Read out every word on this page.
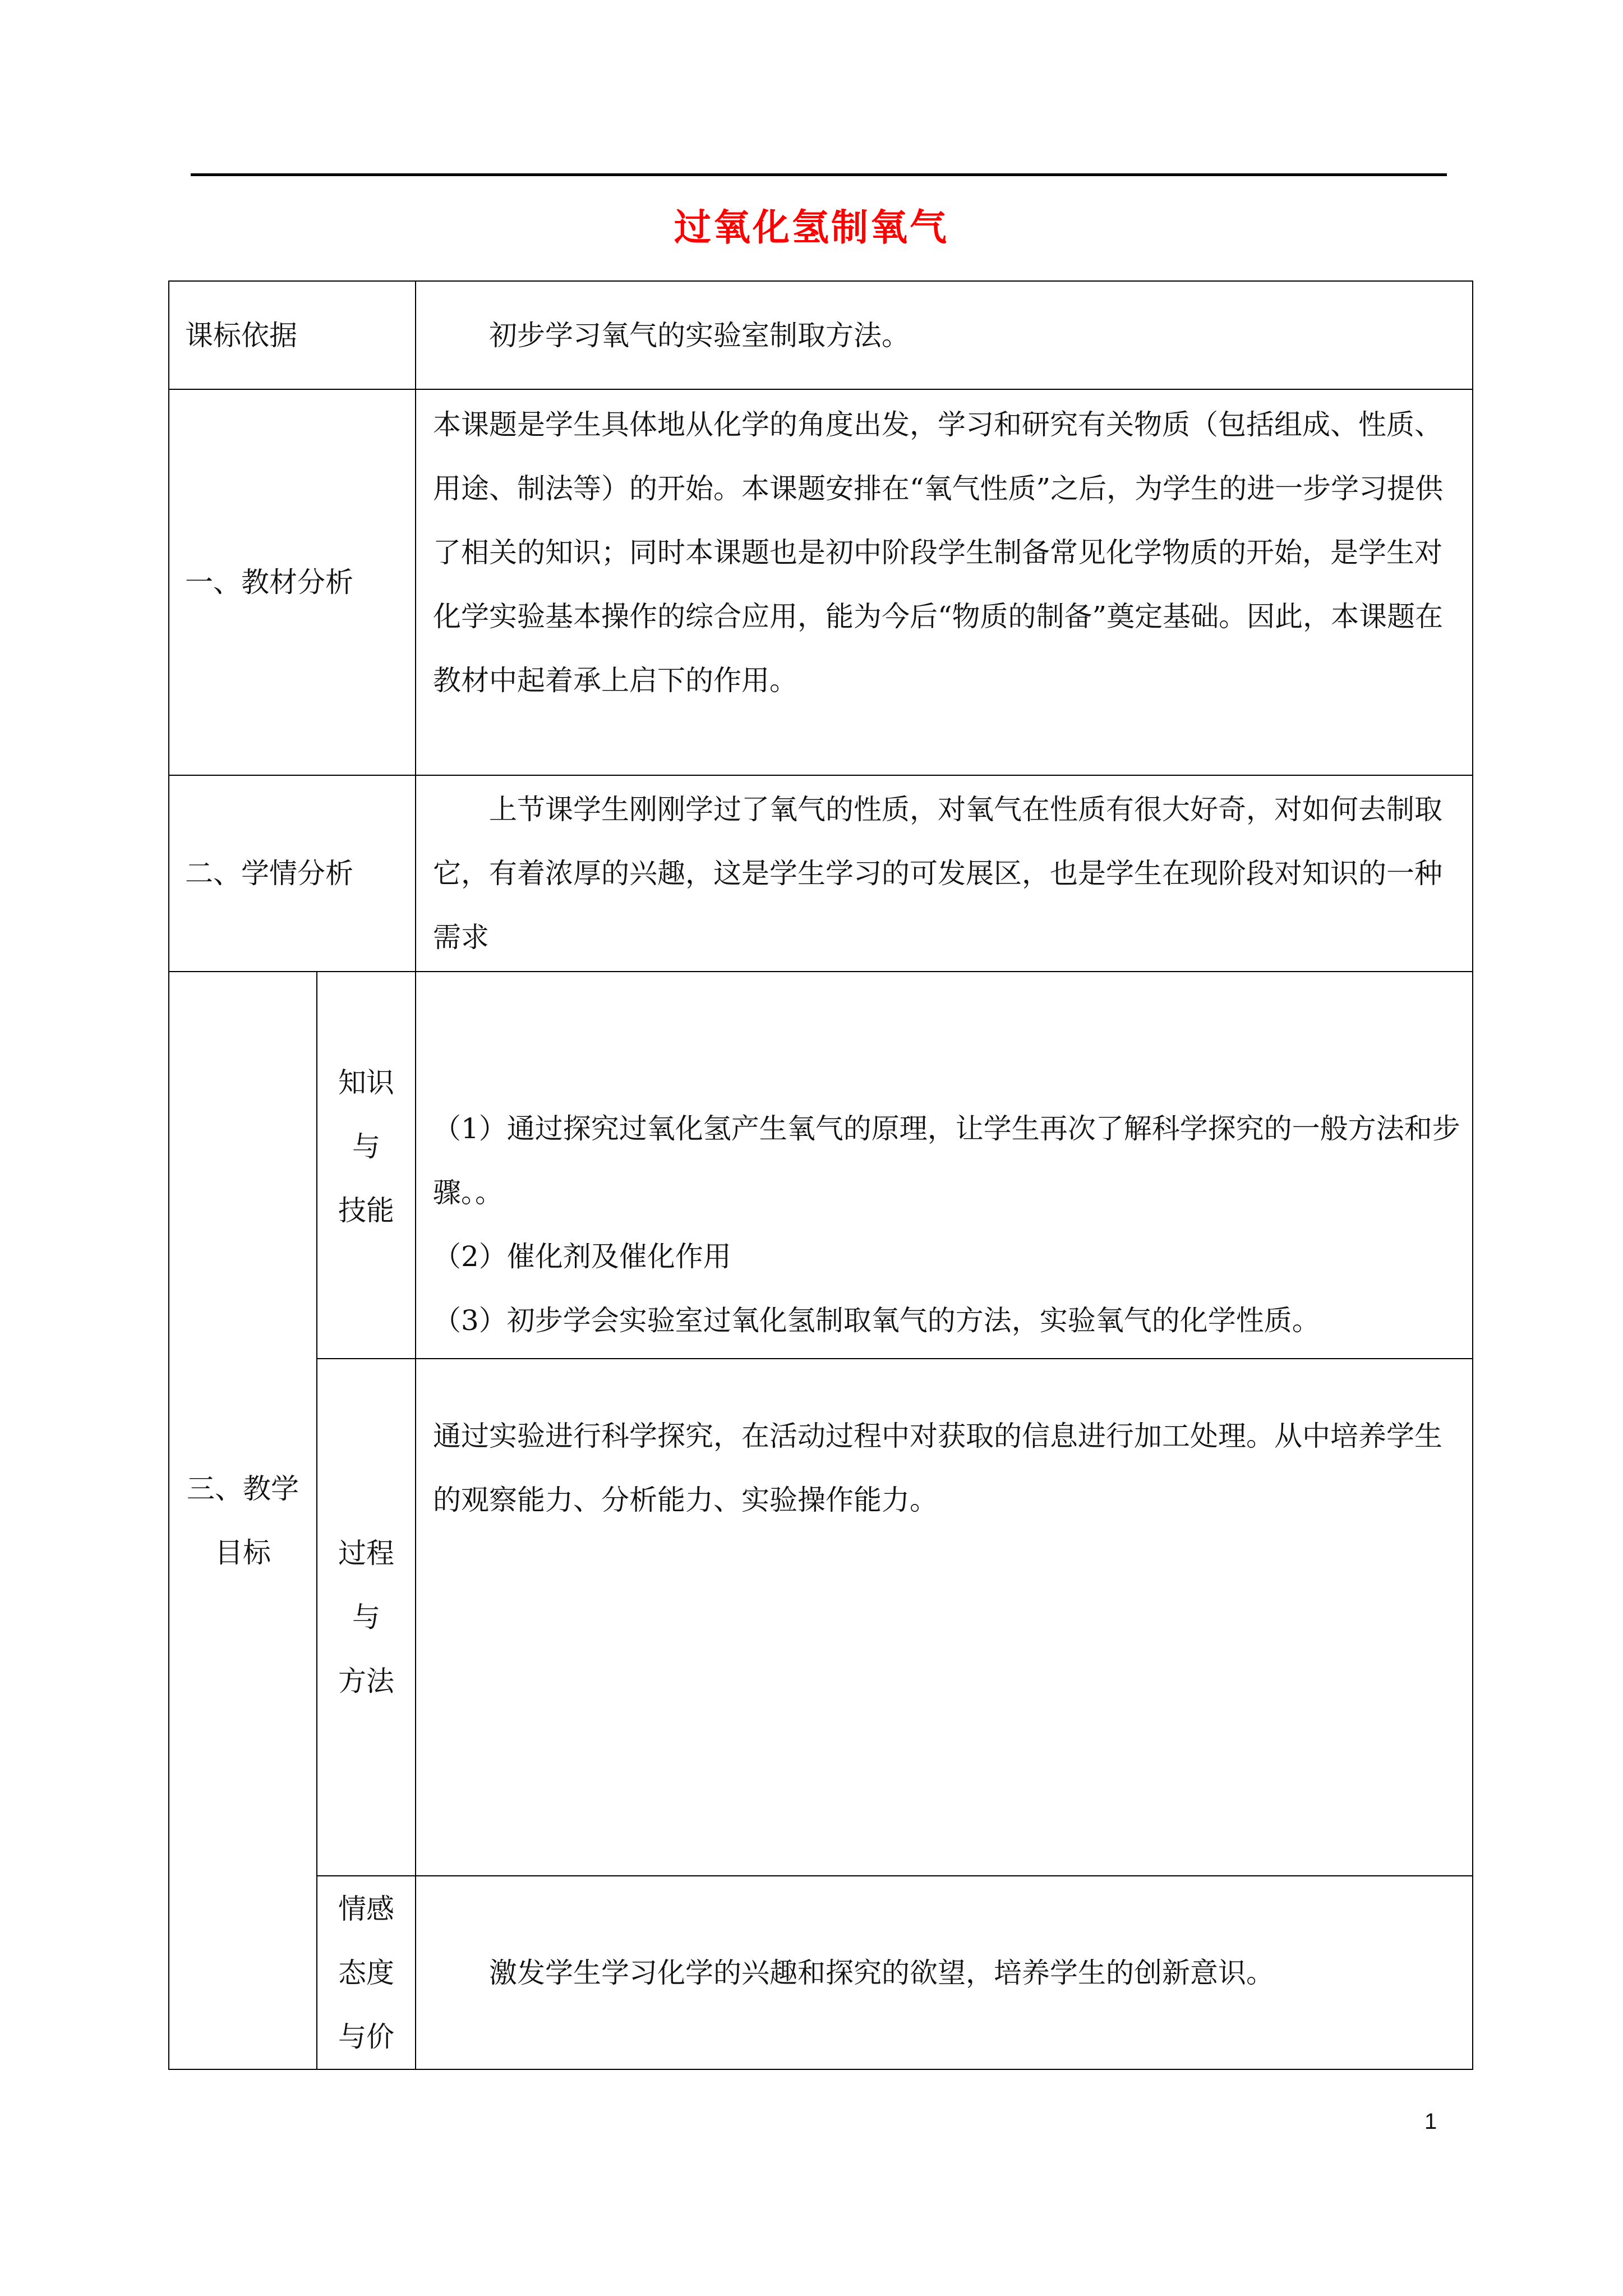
过氧化氢制氧气
课标依据		初步学习氧气的实验室制取方法。
一、教材分析		本课题是学生具体地从化学的角度出发，学习和研究有关物质（包括组成、性质、用途、制法等）的开始。本课题安排在“氧气性质”之后，为学生的进一步学习提供了相关的知识；同时本课题也是初中阶段学生制备常见化学物质的开始，是学生对化学实验基本操作的综合应用，能为今后“物质的制备”奠定基础。因此，本课题在教材中起着承上启下的作用。
二、学情分析		上节课学生刚刚学过了氧气的性质，对氧气在性质有很大好奇，对如何去制取它，有着浓厚的兴趣，这是学生学习的可发展区，也是学生在现阶段对知识的一种需求

三、教学
目标	知识
与
技能	（1）通过探究过氧化氢产生氧气的原理，让学生再次了解科学探究的一般方法和步骤。。
（2）催化剂及催化作用
（3）初步学会实验室过氧化氢制取氧气的方法，实验氧气的化学性质。

	过程
与
方法	通过实验进行科学探究，在活动过程中对获取的信息进行加工处理。从中培养学生的观察能力、分析能力、实验操作能力。

	情感
态度
与价	激发学生学习化学的兴趣和探究的欲望，培养学生的创新意识。
1
